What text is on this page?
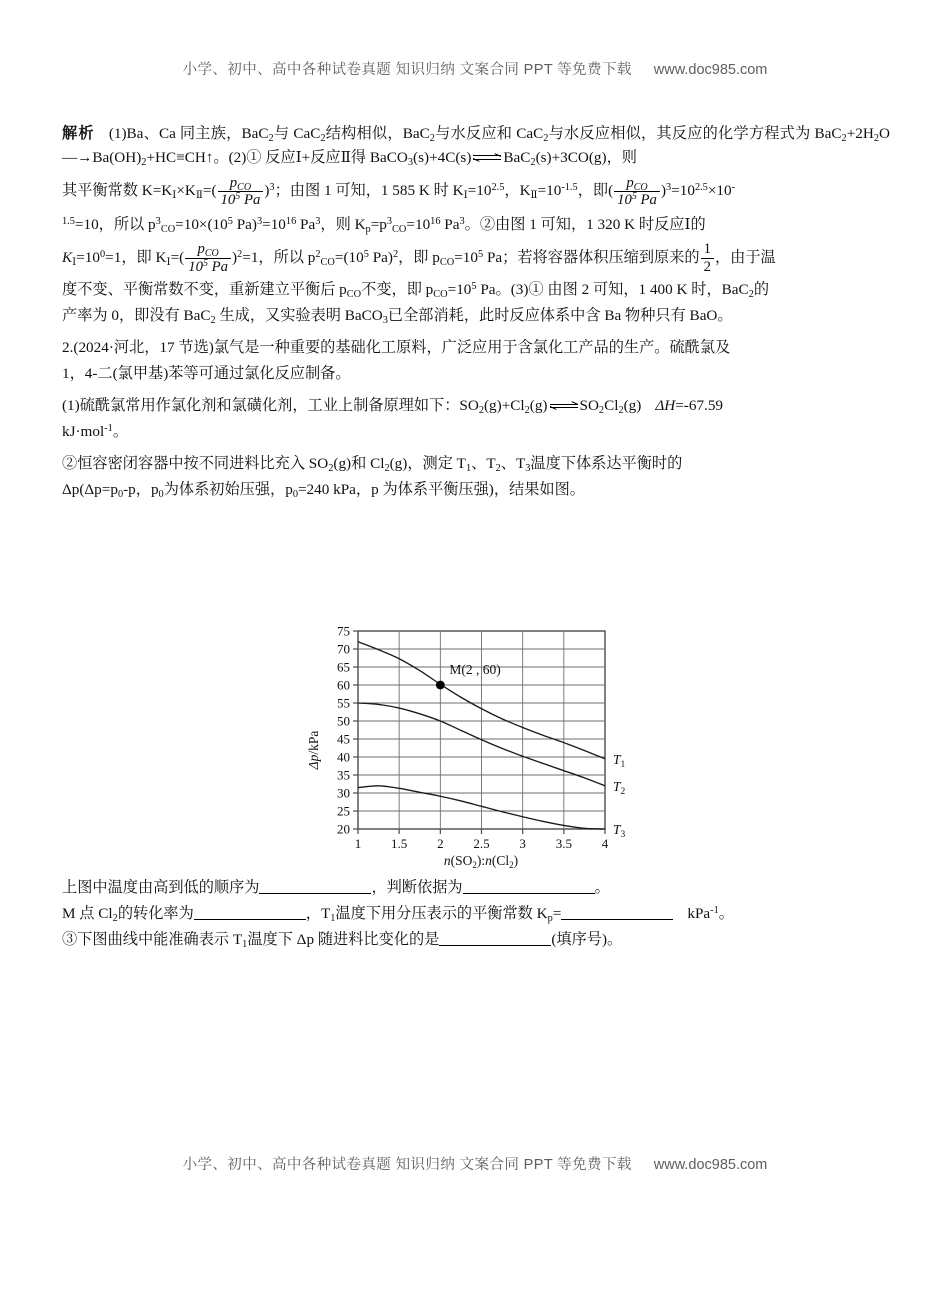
小学、初中、高中各种试卷真题 知识归纳 文案合同 PPT 等免费下载 www.doc985.com

解析 (1)Ba、Ca 同主族，BaC$_2$与 CaC$_2$结构相似，BaC$_2$与水反应和 CaC$_2$与水反应相似，其反应的化学方程式为 $BaC_2+2H_2O—\to Ba(OH)_2+HC\equiv CH↑$。(2)① 反应Ⅰ+反应Ⅱ得 BaCO$_3$(s)+4C(s) BaC$_2$(s)+3CO(g)，则

其平衡常数 $K=K_Ⅰ\times K_Ⅱ=( \frac{p_{CO}}{10^5 Pa} )^3$；由图 1 可知，1 585 K 时 $K_Ⅰ=10^{2.5}$，$K_Ⅱ=10^{-1.5}$，即( $\frac{p_{CO}}{10^5 Pa} )^3=10^{2.5}\times 10^-$

$^{1.5}$=10，所以 $p^3_{CO}=10\times(10^5$ $Pa)^3=10^{16}$ Pa$^3$，则 $K_p=p^3_{CO}=10^{16}$ Pa$^3$。②由图 1 可知，1 320 K 时反应Ⅰ的

$K_Ⅰ=10^0=1$，即 $K_Ⅰ=( \frac{p_{CO}}{10^5 Pa} )^2=1$，所以 $p^2_{CO}=(10^5$ Pa)$^2$，即 $p_{CO}=10^5$ Pa；若将容器体积压缩到原来的 $\frac{1}{2}$ ，由于温

度不变、平衡常数不变，重新建立平衡后 $p_{CO}$不变，即 $p_{CO}=10^5$ Pa。(3)① 由图 2 可知，1 400 K 时，BaC$_2$的

产率为 0，即没有 BaC$_2$ 生成，又实验表明 BaCO$_3$已全部消耗，此时反应体系中含 Ba 物种只有 BaO。

2.(2024·河北，17 节选)氯气是一种重要的基础化工原料，广泛应用于含氯化工产品的生产。硫酰氯及

1，4-二(氯甲基)苯等可通过氯化反应制备。

(1)硫酰氯常用作氯化剂和氯磺化剂，工业上制备原理如下：$SO_2(g)+Cl_2(g)$ $SO_2Cl_2(g)$ ΔH=-67.59

kJ·mol$^{-1}$。

②恒容密闭容器中按不同进料比充入 $SO_2(g)$和 $Cl_2(g)$，测定 $T_1$、$T_2$、$T_3$温度下体系达平衡时的

$\Delta p(\Delta p=p_0-p$，$p_0$为体系初始压强，$p_0=240$ kPa，p 为体系平衡压强)，结果如图。

20
25
30
35
40
45
50
55
60
65
70
75
1 1.5 2 2.5 3 3.5 4
$T_1$
$T_2$
$T_3$
M(2 , 60)
Δp/kPa
$n(SO_2):n(Cl_2)$

上图中温度由高到低的顺序为	，判断依据为	。

M 点 $Cl_2$的转化率为	，$T_1$温度下用分压表示的平衡常数 $K_p=$	kPa$^{-1}$。

③下图曲线中能准确表示 $T_1$温度下 Δp 随进料比变化的是	(填序号)。

小学、初中、高中各种试卷真题 知识归纳 文案合同 PPT 等免费下载 www.doc985.com
